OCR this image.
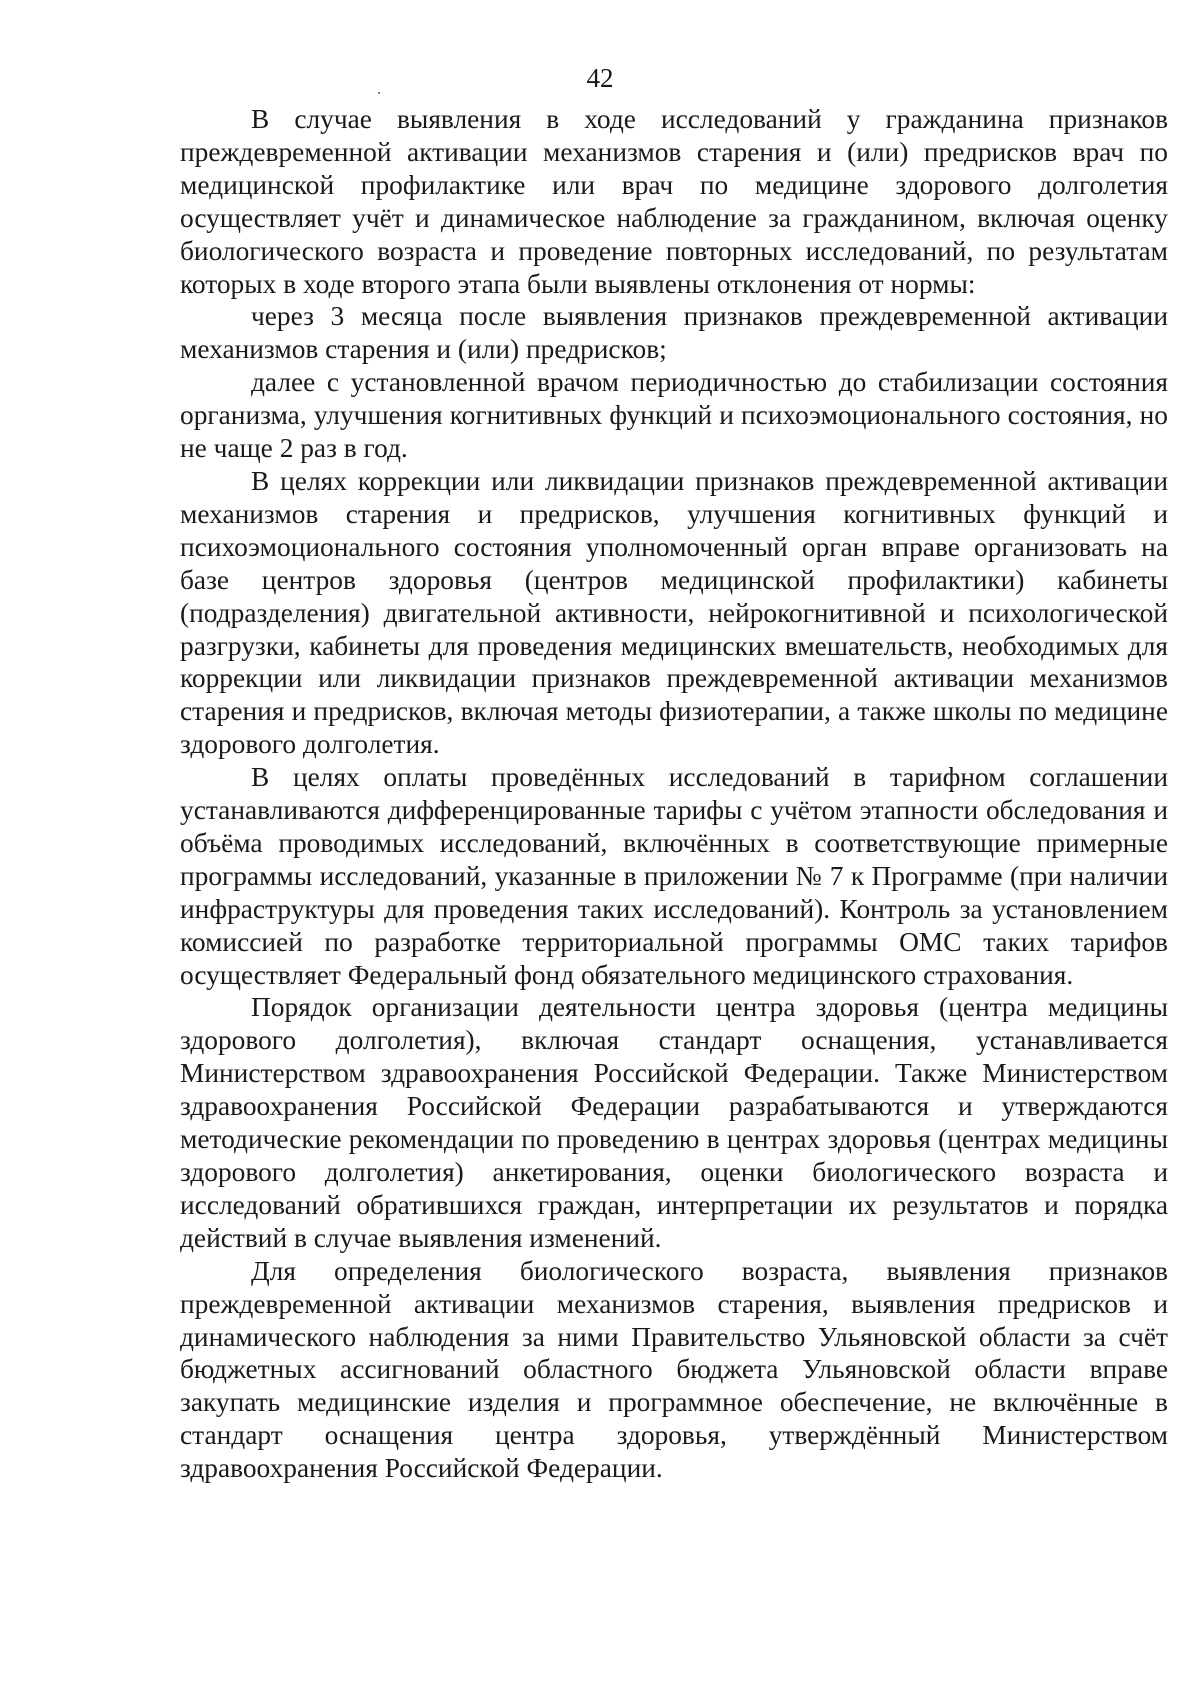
42

В случае выявления в ходе исследований у гражданина признаков преждевременной активации механизмов старения и (или) предрисков врач по медицинской профилактике или врач по медицине здорового долголетия осуществляет учёт и динамическое наблюдение за гражданином, включая оценку биологического возраста и проведение повторных исследований, по результатам которых в ходе второго этапа были выявлены отклонения от нормы:

через 3 месяца после выявления признаков преждевременной активации механизмов старения и (или) предрисков;

далее с установленной врачом периодичностью до стабилизации состояния организма, улучшения когнитивных функций и психоэмоционального состояния, но не чаще 2 раз в год.

В целях коррекции или ликвидации признаков преждевременной активации механизмов старения и предрисков, улучшения когнитивных функций и психоэмоционального состояния уполномоченный орган вправе организовать на базе центров здоровья (центров медицинской профилактики) кабинеты (подразделения) двигательной активности, нейрокогнитивной и психологической разгрузки, кабинеты для проведения медицинских вмешательств, необходимых для коррекции или ликвидации признаков преждевременной активации механизмов старения и предрисков, включая методы физиотерапии, а также школы по медицине здорового долголетия.

В целях оплаты проведённых исследований в тарифном соглашении устанавливаются дифференцированные тарифы с учётом этапности обследования и объёма проводимых исследований, включённых в соответствующие примерные программы исследований, указанные в приложении № 7 к Программе (при наличии инфраструктуры для проведения таких исследований). Контроль за установлением комиссией по разработке территориальной программы ОМС таких тарифов осуществляет Федеральный фонд обязательного медицинского страхования.

Порядок организации деятельности центра здоровья (центра медицины здорового долголетия), включая стандарт оснащения, устанавливается Министерством здравоохранения Российской Федерации. Также Министерством здравоохранения Российской Федерации разрабатываются и утверждаются методические рекомендации по проведению в центрах здоровья (центрах медицины здорового долголетия) анкетирования, оценки биологического возраста и исследований обратившихся граждан, интерпретации их результатов и порядка действий в случае выявления изменений.

Для определения биологического возраста, выявления признаков преждевременной активации механизмов старения, выявления предрисков и динамического наблюдения за ними Правительство Ульяновской области за счёт бюджетных ассигнований областного бюджета Ульяновской области вправе закупать медицинские изделия и программное обеспечение, не включённые в стандарт оснащения центра здоровья, утверждённый Министерством здравоохранения Российской Федерации.
